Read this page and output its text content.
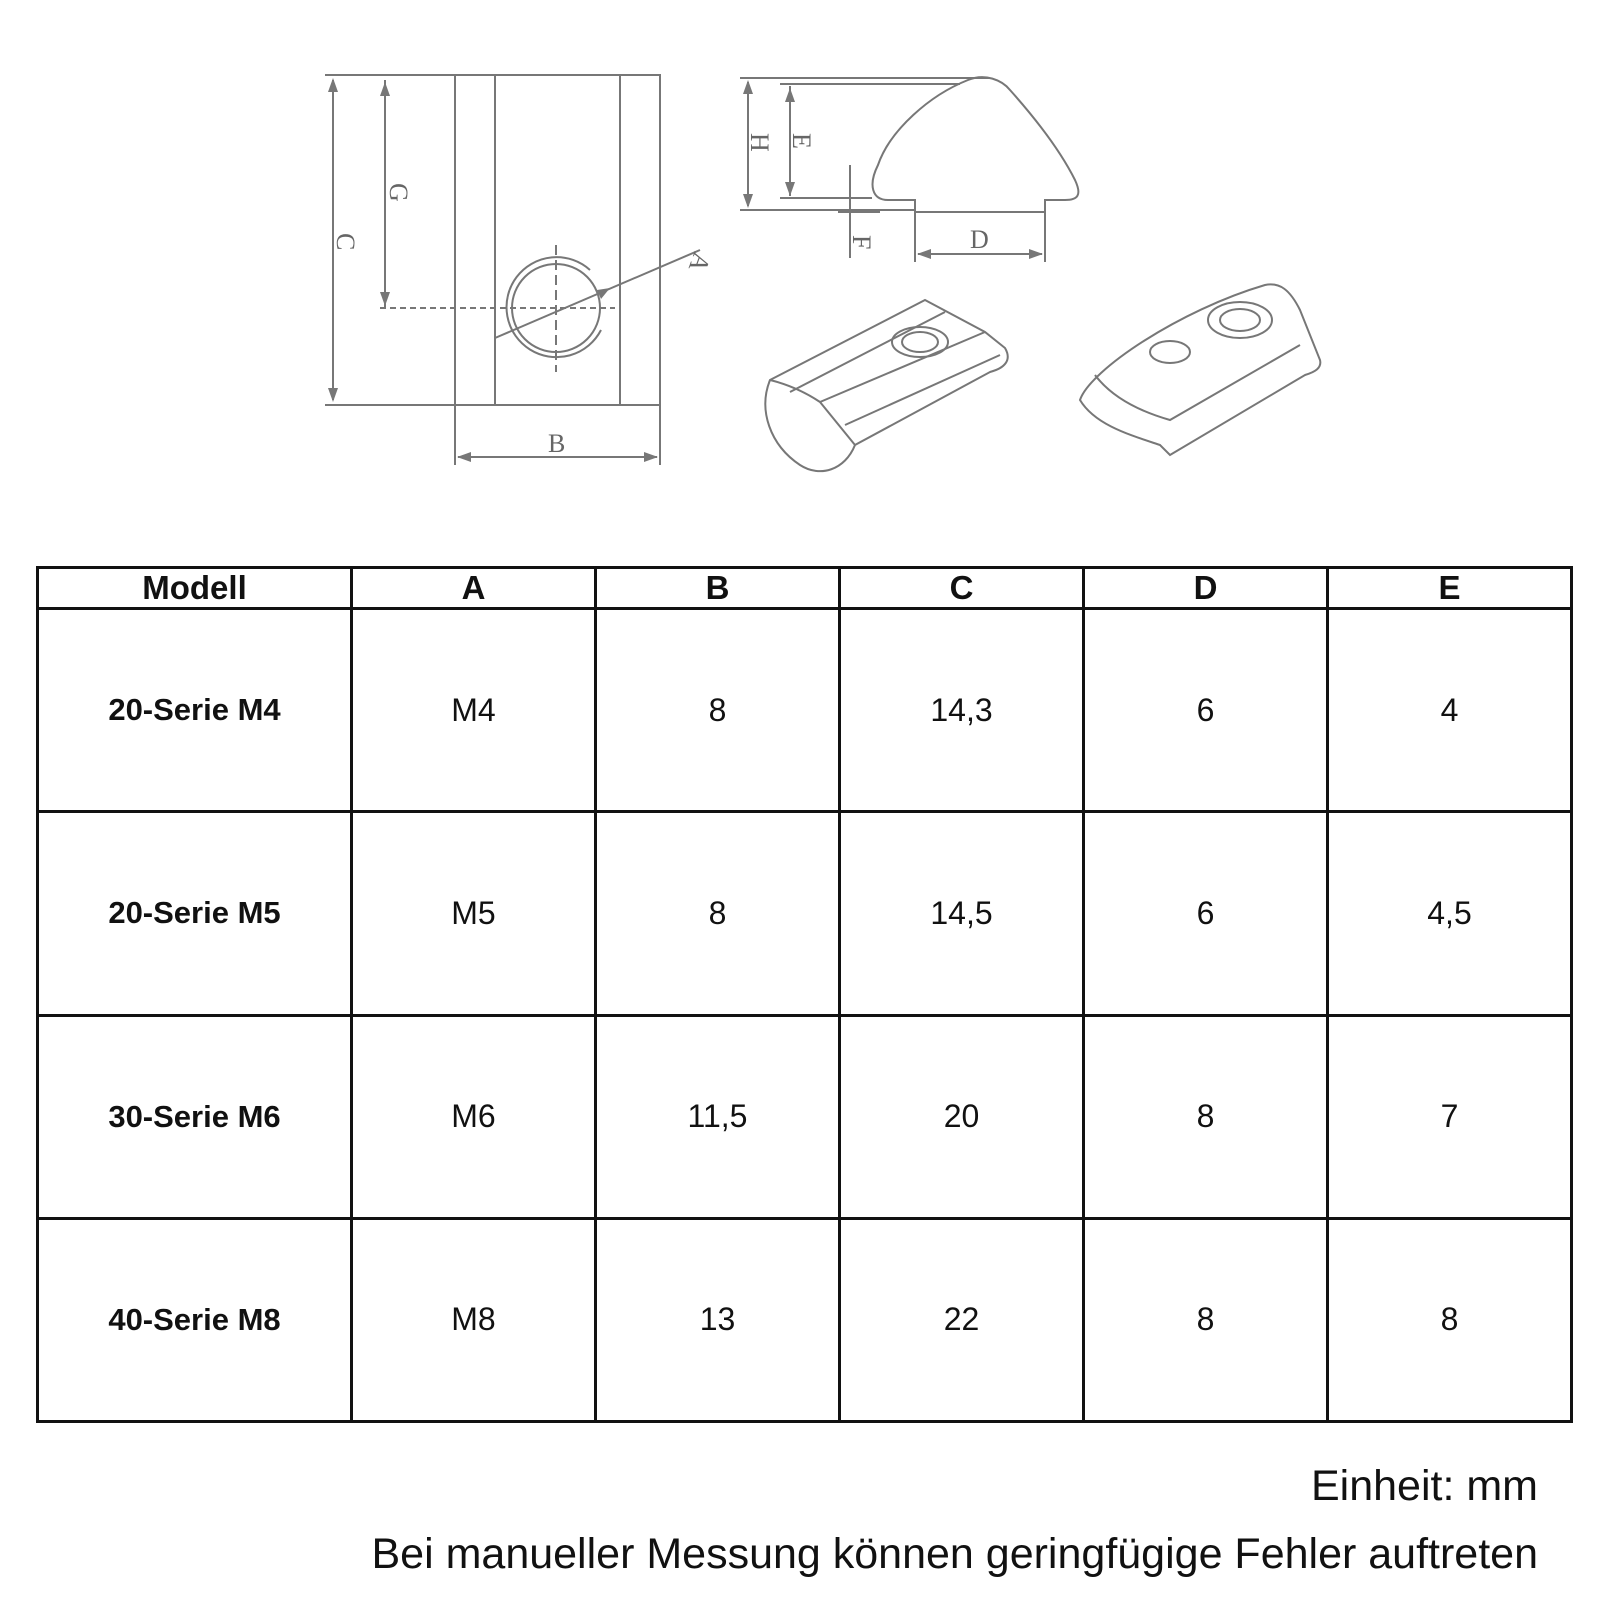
C
G
A
B
H E
F	D
Modell	A	B	C	D	E
20-Serie M4	M4	8	14,3	6	4
20-Serie M5	M5	8	14,5	6	4,5
30-Serie M6	M6	11,5	20	8	7
40-Serie M8	M8	13	22	8	8
Einheit: mm
Bei manueller Messung können geringfügige Fehler auftreten
